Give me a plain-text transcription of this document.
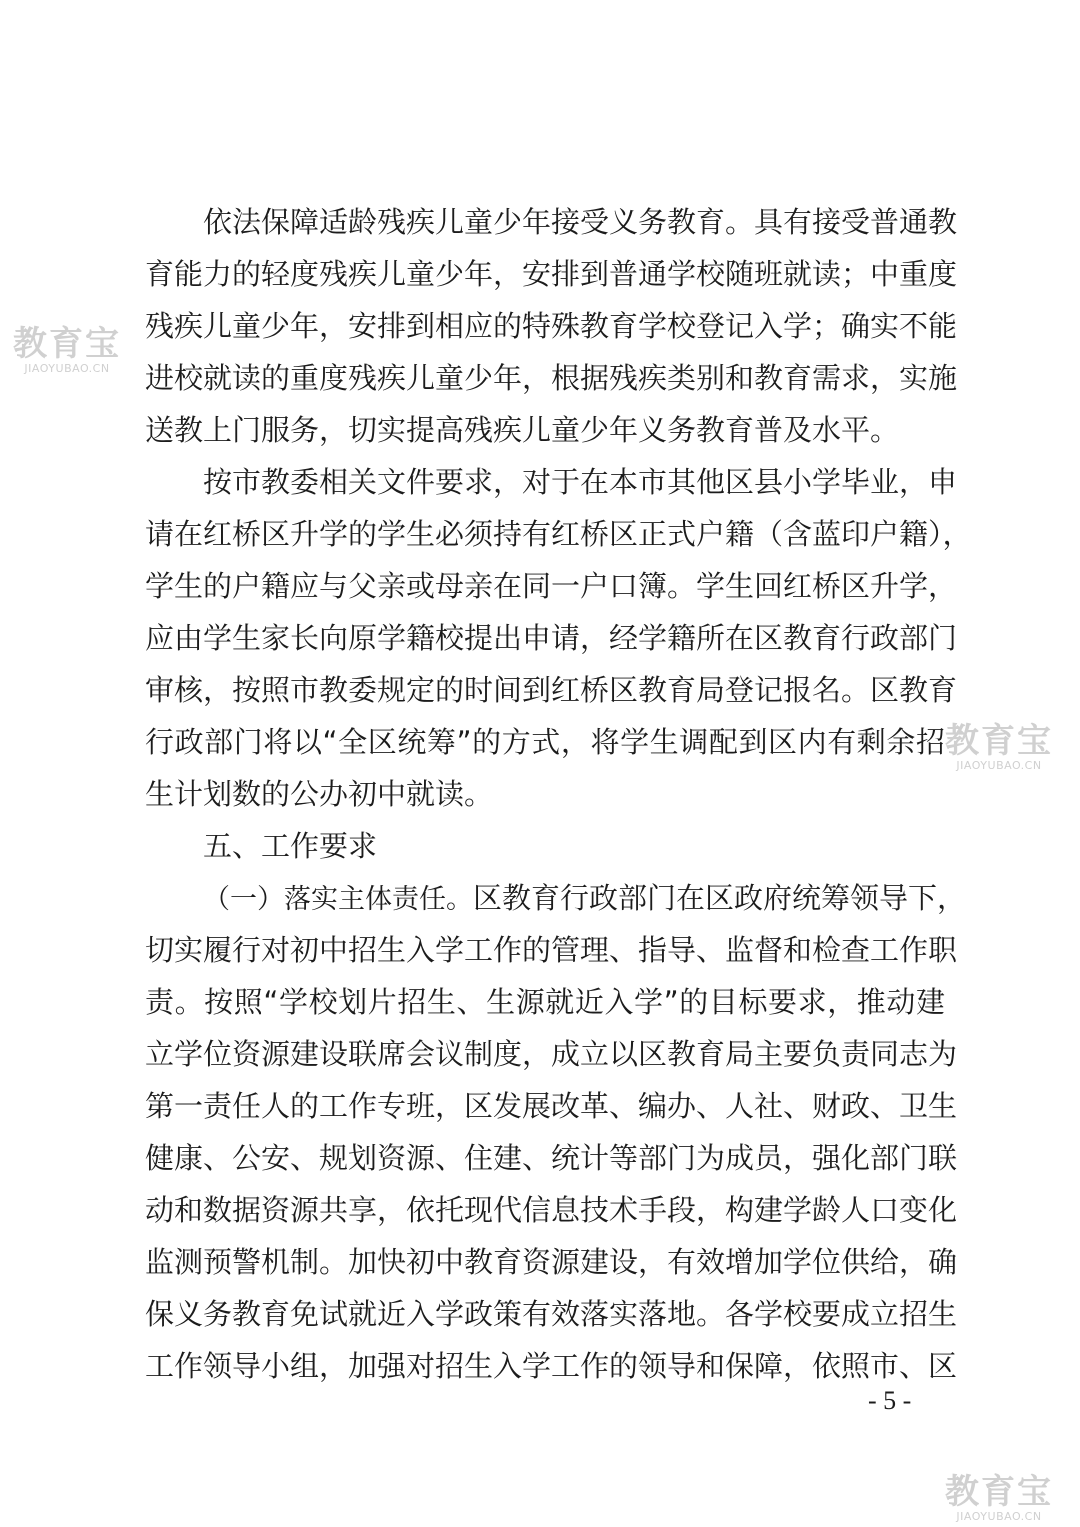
依法保障适龄残疾儿童少年接受义务教育。具有接受普通教
育能力的轻度残疾儿童少年，安排到普通学校随班就读；中重度
残疾儿童少年，安排到相应的特殊教育学校登记入学；确实不能
进校就读的重度残疾儿童少年，根据残疾类别和教育需求，实施
送教上门服务，切实提高残疾儿童少年义务教育普及水平。
按市教委相关文件要求，对于在本市其他区县小学毕业，申
请在红桥区升学的学生必须持有红桥区正式户籍（含蓝印户籍），
学生的户籍应与父亲或母亲在同一户口簿。学生回红桥区升学，
应由学生家长向原学籍校提出申请，经学籍所在区教育行政部门
审核，按照市教委规定的时间到红桥区教育局登记报名。区教育
行政部门将以“全区统筹”的方式，将学生调配到区内有剩余招
生计划数的公办初中就读。
五、工作要求
（一）落实主体责任。区教育行政部门在区政府统筹领导下，
切实履行对初中招生入学工作的管理、指导、监督和检查工作职
责。按照“学校划片招生、生源就近入学”的目标要求，推动建
立学位资源建设联席会议制度，成立以区教育局主要负责同志为
第一责任人的工作专班，区发展改革、编办、人社、财政、卫生
健康、公安、规划资源、住建、统计等部门为成员，强化部门联
动和数据资源共享，依托现代信息技术手段，构建学龄人口变化
监测预警机制。加快初中教育资源建设，有效增加学位供给，确
保义务教育免试就近入学政策有效落实落地。各学校要成立招生
工作领导小组，加强对招生入学工作的领导和保障，依照市、区
- 5 -
教育宝
JIAOYUBAO.CN
教育宝
JIAOYUBAO.CN
教育宝
JIAOYUBAO.CN
